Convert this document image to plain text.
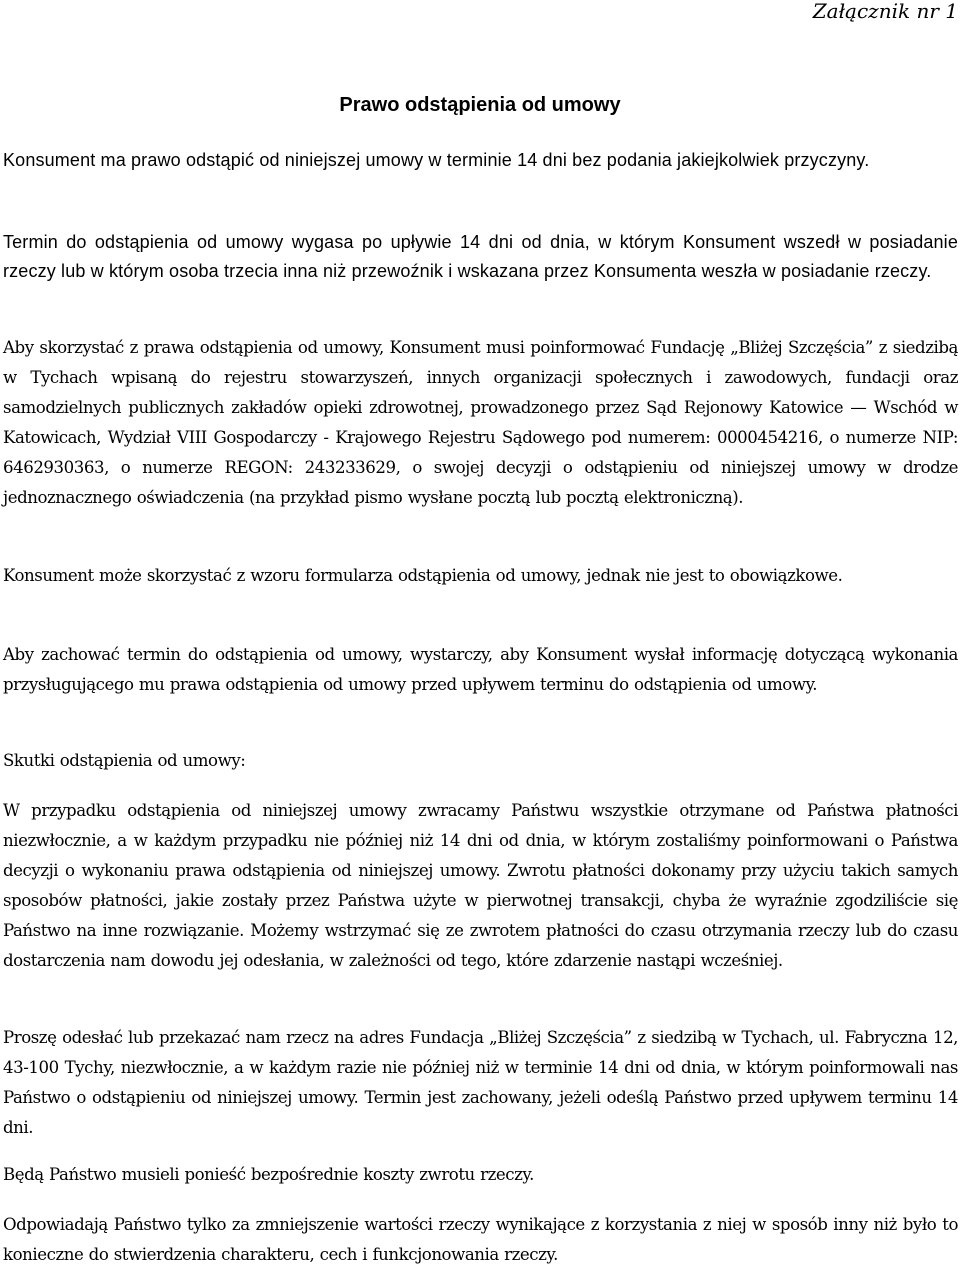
Załącznik nr 1
Prawo odstąpienia od umowy

Konsument ma prawo odstąpić od niniejszej umowy w terminie 14 dni bez podania jakiejkolwiek przyczyny.

Termin do odstąpienia od umowy wygasa po upływie 14 dni od dnia, w którym Konsument wszedł w posiadanie rzeczy lub w którym osoba trzecia inna niż przewoźnik i wskazana przez Konsumenta weszła w posiadanie rzeczy.

Aby skorzystać z prawa odstąpienia od umowy, Konsument musi poinformować Fundację „Bliżej Szczęścia” z siedzibą w Tychach wpisaną do rejestru stowarzyszeń, innych organizacji społecznych i zawodowych, fundacji oraz samodzielnych publicznych zakładów opieki zdrowotnej, prowadzonego przez Sąd Rejonowy Katowice — Wschód w Katowicach, Wydział VIII Gospodarczy - Krajowego Rejestru Sądowego pod numerem: 0000454216, o numerze NIP: 6462930363, o numerze REGON: 243233629, o swojej decyzji o odstąpieniu od niniejszej umowy w drodze jednoznacznego oświadczenia (na przykład pismo wysłane pocztą lub pocztą elektroniczną).

Konsument może skorzystać z wzoru formularza odstąpienia od umowy, jednak nie jest to obowiązkowe.

Aby zachować termin do odstąpienia od umowy, wystarczy, aby Konsument wysłał informację dotyczącą wykonania przysługującego mu prawa odstąpienia od umowy przed upływem terminu do odstąpienia od umowy.

Skutki odstąpienia od umowy:

W przypadku odstąpienia od niniejszej umowy zwracamy Państwu wszystkie otrzymane od Państwa płatności niezwłocznie, a w każdym przypadku nie później niż 14 dni od dnia, w którym zostaliśmy poinformowani o Państwa decyzji o wykonaniu prawa odstąpienia od niniejszej umowy. Zwrotu płatności dokonamy przy użyciu takich samych sposobów płatności, jakie zostały przez Państwa użyte w pierwotnej transakcji, chyba że wyraźnie zgodziliście się Państwo na inne rozwiązanie. Możemy wstrzymać się ze zwrotem płatności do czasu otrzymania rzeczy lub do czasu dostarczenia nam dowodu jej odesłania, w zależności od tego, które zdarzenie nastąpi wcześniej.

Proszę odesłać lub przekazać nam rzecz na adres Fundacja „Bliżej Szczęścia” z siedzibą w Tychach, ul. Fabryczna 12, 43-100 Tychy, niezwłocznie, a w każdym razie nie później niż w terminie 14 dni od dnia, w którym poinformowali nas Państwo o odstąpieniu od niniejszej umowy. Termin jest zachowany, jeżeli odeślą Państwo przed upływem terminu 14 dni.

Będą Państwo musieli ponieść bezpośrednie koszty zwrotu rzeczy.

Odpowiadają Państwo tylko za zmniejszenie wartości rzeczy wynikające z korzystania z niej w sposób inny niż było to konieczne do stwierdzenia charakteru, cech i funkcjonowania rzeczy.
